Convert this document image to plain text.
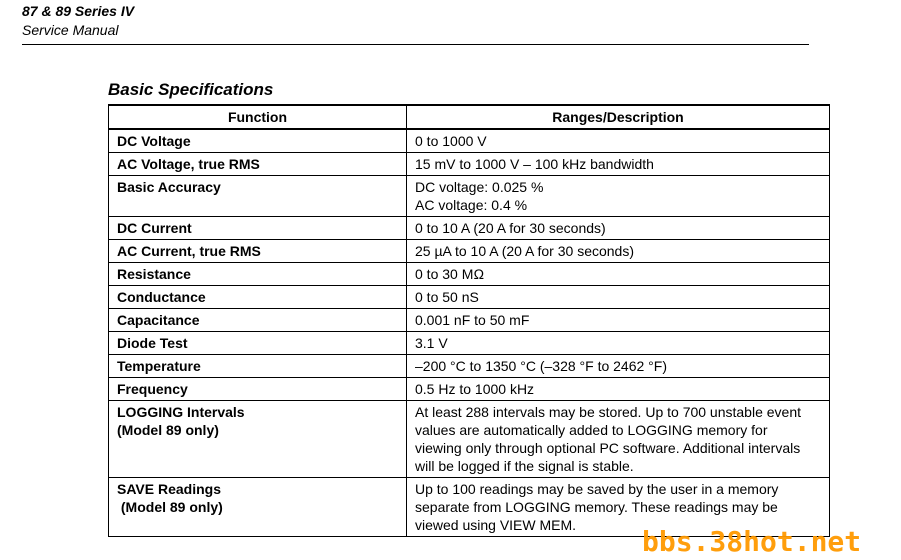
87 & 89 Series IV
Service Manual
Basic Specifications
Function	Ranges/Description

DC Voltage	0 to 1000 V

AC Voltage, true RMS	15 mV to 1000 V – 100 kHz bandwidth

Basic Accuracy	DC voltage: 0.025 %
AC voltage: 0.4 %

DC Current	0 to 10 A (20 A for 30 seconds)

AC Current, true RMS	25 µA to 10 A (20 A for 30 seconds)

Resistance	0 to 30 MΩ

Conductance	0 to 50 nS

Capacitance	0.001 nF to 50 mF

Diode Test	3.1 V

Temperature	–200 °C to 1350 °C (–328 °F to 2462 °F)

Frequency	0.5 Hz to 1000 kHz

LOGGING Intervals
(Model 89 only)	At least 288 intervals may be stored. Up to 700 unstable event
values are automatically added to LOGGING memory for
viewing only through optional PC software. Additional intervals
will be logged if the signal is stable.

SAVE Readings
(Model 89 only)	Up to 100 readings may be saved by the user in a memory
separate from LOGGING memory. These readings may be
viewed using VIEW MEM.	bbs.38hot.net
